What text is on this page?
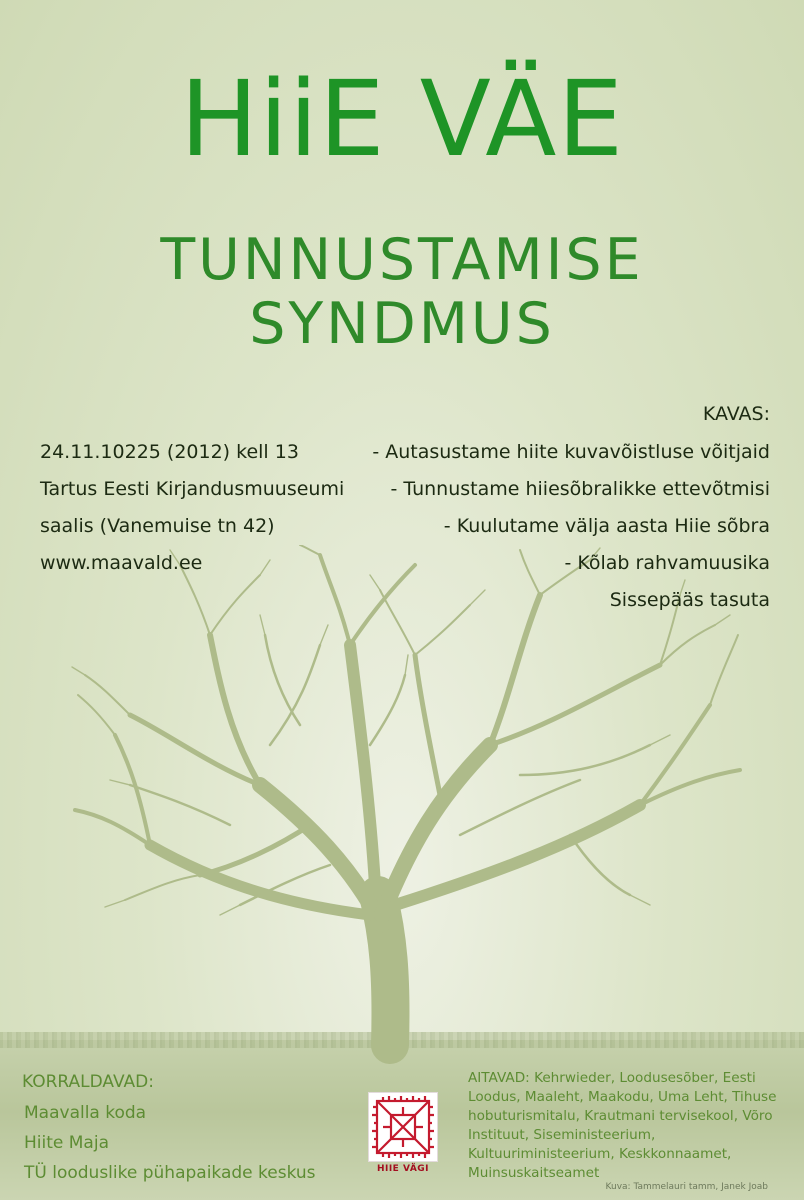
HiiE VÄE
TUNNUSTAMISE
SYNDMUS
24.11.10225 (2012) kell 13
Tartus Eesti Kirjandusmuuseumi
saalis (Vanemuise tn 42)
www.maavald.ee
KAVAS:
- Autasustame hiite kuvavõistluse võitjaid
- Tunnustame hiiesõbralikke ettevõtmisi
- Kuulutame välja aasta Hiie sõbra
- Kõlab rahvamuusika
Sissepääs tasuta
KORRALDAVAD:
Maavalla koda
Hiite Maja
TÜ looduslike pühapaikade keskus	HIIE VÄGI
AITAVAD: Kehrwieder, Loodusesõber, Eesti Loodus, Maaleht, Maakodu, Uma Leht, Tihuse hobuturismitalu, Krautmani tervisekool, Võro Instituut, Siseministeerium, Kultuuriministeerium, Keskkonnaamet, Muinsuskaitseamet
Kuva: Tammelauri tamm, Janek Joab
